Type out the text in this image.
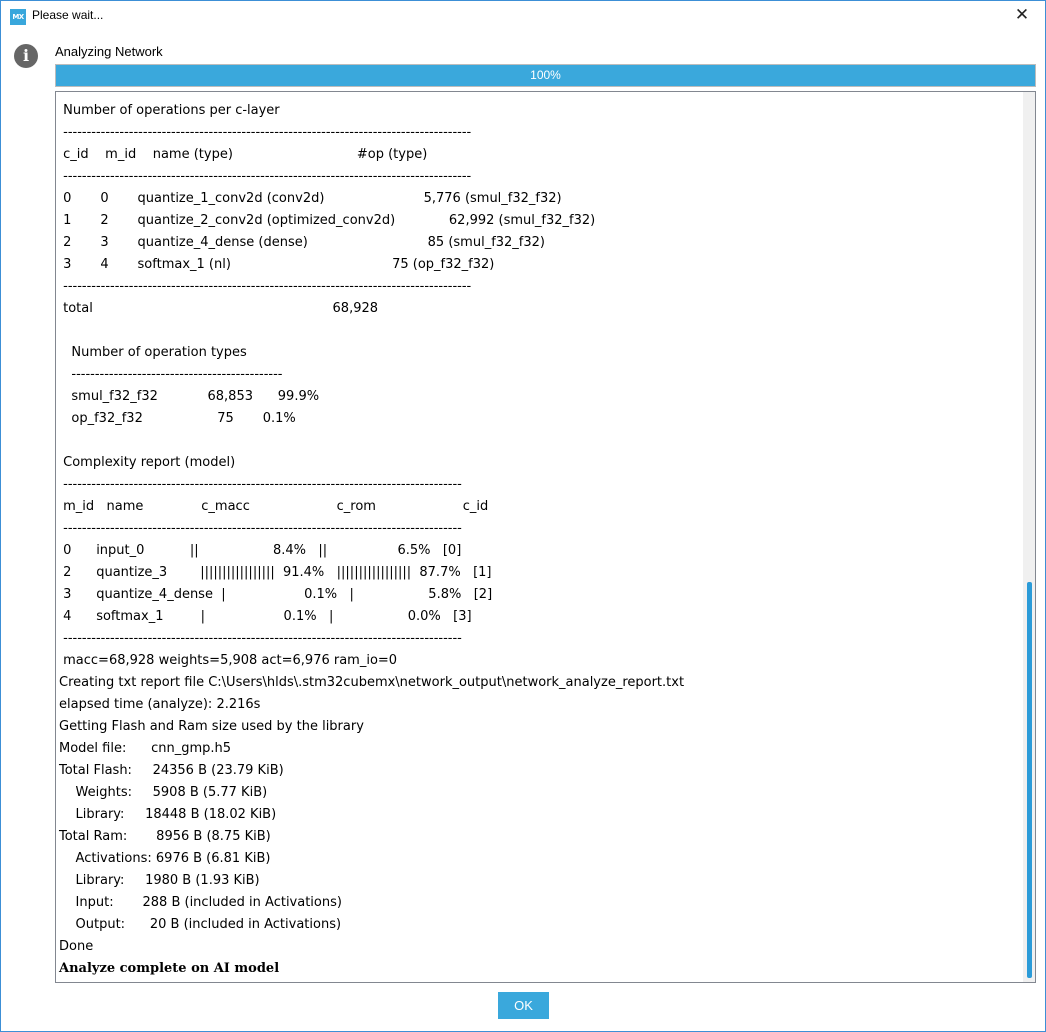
MX Please wait...	✕
i	Analyzing Network
100%
Number of operations per c-layer
---------------------------------------------------------------------------------------
c_id    m_id    name (type)                              #op (type)
---------------------------------------------------------------------------------------
0       0       quantize_1_conv2d (conv2d)                        5,776 (smul_f32_f32)
1       2       quantize_2_conv2d (optimized_conv2d)             62,992 (smul_f32_f32)
2       3       quantize_4_dense (dense)                             85 (smul_f32_f32)
3       4       softmax_1 (nl)                                       75 (op_f32_f32)
---------------------------------------------------------------------------------------
total                                                          68,928
Number of operation types
---------------------------------------------
smul_f32_f32            68,853      99.9%
op_f32_f32                  75       0.1%
Complexity report (model)
-------------------------------------------------------------------------------------
m_id   name              c_macc                     c_rom                     c_id
-------------------------------------------------------------------------------------
0      input_0           ||                  8.4%   ||                 6.5%   [0]
2      quantize_3        |||||||||||||||||  91.4%   |||||||||||||||||  87.7%   [1]
3      quantize_4_dense  |                   0.1%   |                  5.8%   [2]
4      softmax_1         |                   0.1%   |                  0.0%   [3]
-------------------------------------------------------------------------------------
macc=68,928 weights=5,908 act=6,976 ram_io=0
Creating txt report file C:\Users\hlds\.stm32cubemx\network_output\network_analyze_report.txt
elapsed time (analyze): 2.216s
Getting Flash and Ram size used by the library
Model file:      cnn_gmp.h5
Total Flash:     24356 B (23.79 KiB)
Weights:     5908 B (5.77 KiB)
Library:     18448 B (18.02 KiB)
Total Ram:       8956 B (8.75 KiB)
Activations: 6976 B (6.81 KiB)
Library:     1980 B (1.93 KiB)
Input:       288 B (included in Activations)
Output:      20 B (included in Activations)
Done
Analyze complete on AI model
OK
